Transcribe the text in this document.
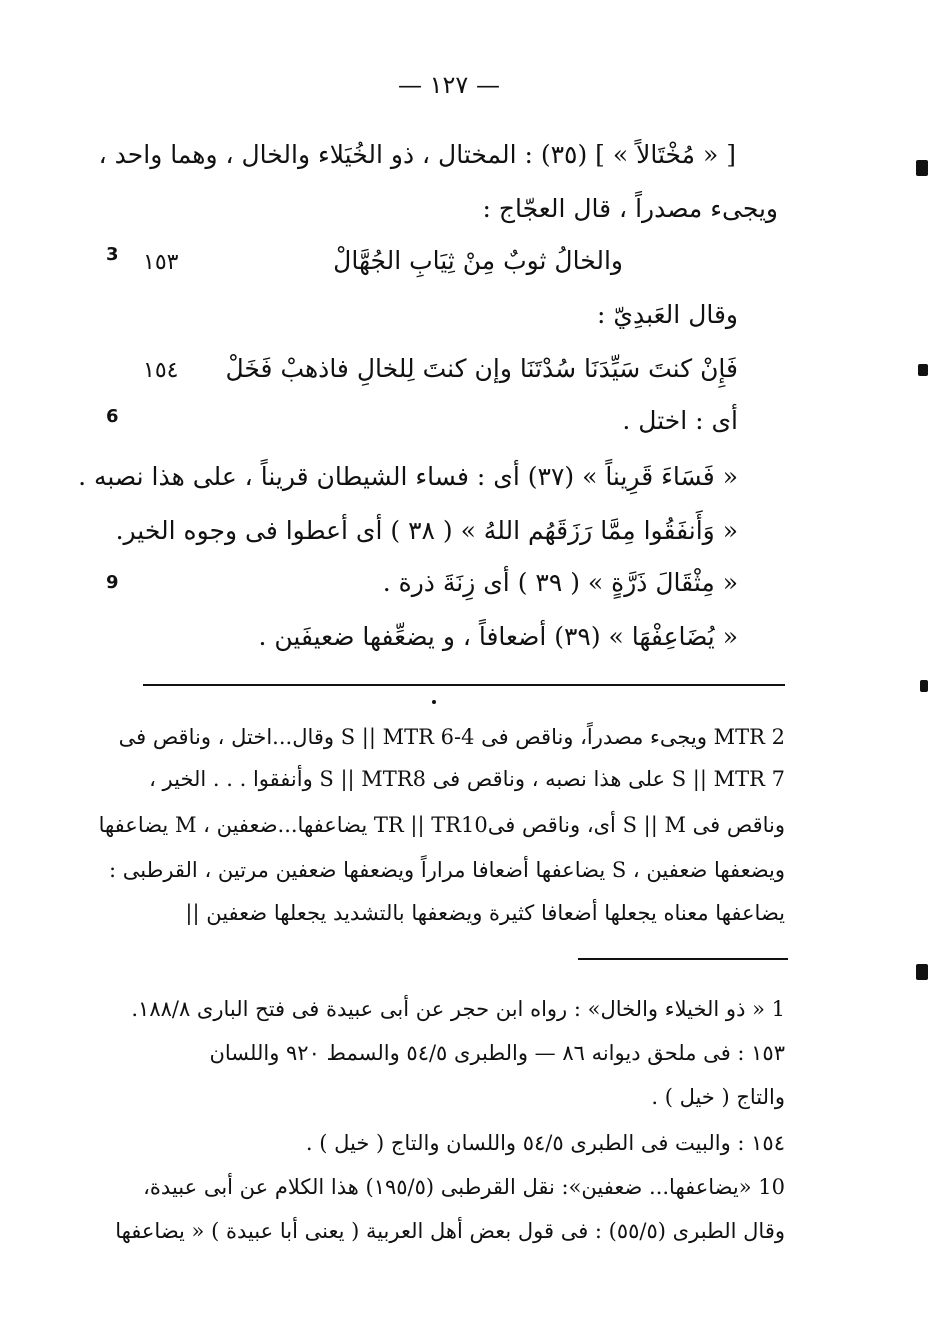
— ١٢٧ —
[ « مُخْتَالاً » ] (٣٥) : المختال ، ذو الخُيَلاء والخال ، وهما واحد ،
ويجىء مصدراً ، قال العجّاج :
والخالُ ثوبٌ مِنْ ثِيَابِ الجُهَّالْ
وقال العَبدِيّ :
فَإِنْ كنتَ سَيِّدَنَا سُدْتَنَا وإن كنتَ لِلخالِ فاذهبْ فَخَلْ
أى : اختل .
« فَسَاءَ قَرِيناً » (٣٧) أى : فساء الشيطان قريناً ، على هذا نصبه .
« وَأَنفَقُوا مِمَّا رَزَقَهُم اللهُ » ( ٣٨ ) أى أعطوا فى وجوه الخير.
« مِثْقَالَ ذَرَّةٍ » ( ٣٩ ) أى زِنَةَ ذرة .
« يُضَاعِفْهَا » (٣٩) أضعافاً ، و يضعِّفها ضعيفَين .
١٥٣
١٥٤
3
6
9
MTR 2 ويجىء مصدراً، وناقص فى S || MTR 6-4 وقال...اختل ، وناقص فى
S || MTR 7 على هذا نصبه ، وناقص فى S || MTR8 وأنفقوا . . . الخير ،
وناقص فى S || M أى، وناقص فىTR || TR10 يضاعفها...ضعفين ، M يضاعفها
ويضعفها ضعفين ، S يضاعفها أضعافا مراراً ويضعفها ضعفين مرتين ، القرطبى :
يضاعفها معناه يجعلها أضعافا كثيرة ويضعفها بالتشديد يجعلها ضعفين ||
1 « ذو الخيلاء والخال» : رواه ابن حجر عن أبى عبيدة فى فتح البارى ١٨٨/٨.
١٥٣ : فى ملحق ديوانه ٨٦ — والطبرى ٥٤/٥ والسمط ٩٢٠ واللسان
والتاج ( خيل ) .
١٥٤ : والبيت فى الطبرى ٥٤/٥ واللسان والتاج ( خيل ) .
10 «يضاعفها... ضعفين»: نقل القرطبى (١٩٥/٥) هذا الكلام عن أبى عبيدة،
وقال الطبرى (٥٥/٥) : فى قول بعض أهل العربية ( يعنى أبا عبيدة ) « يضاعفها
